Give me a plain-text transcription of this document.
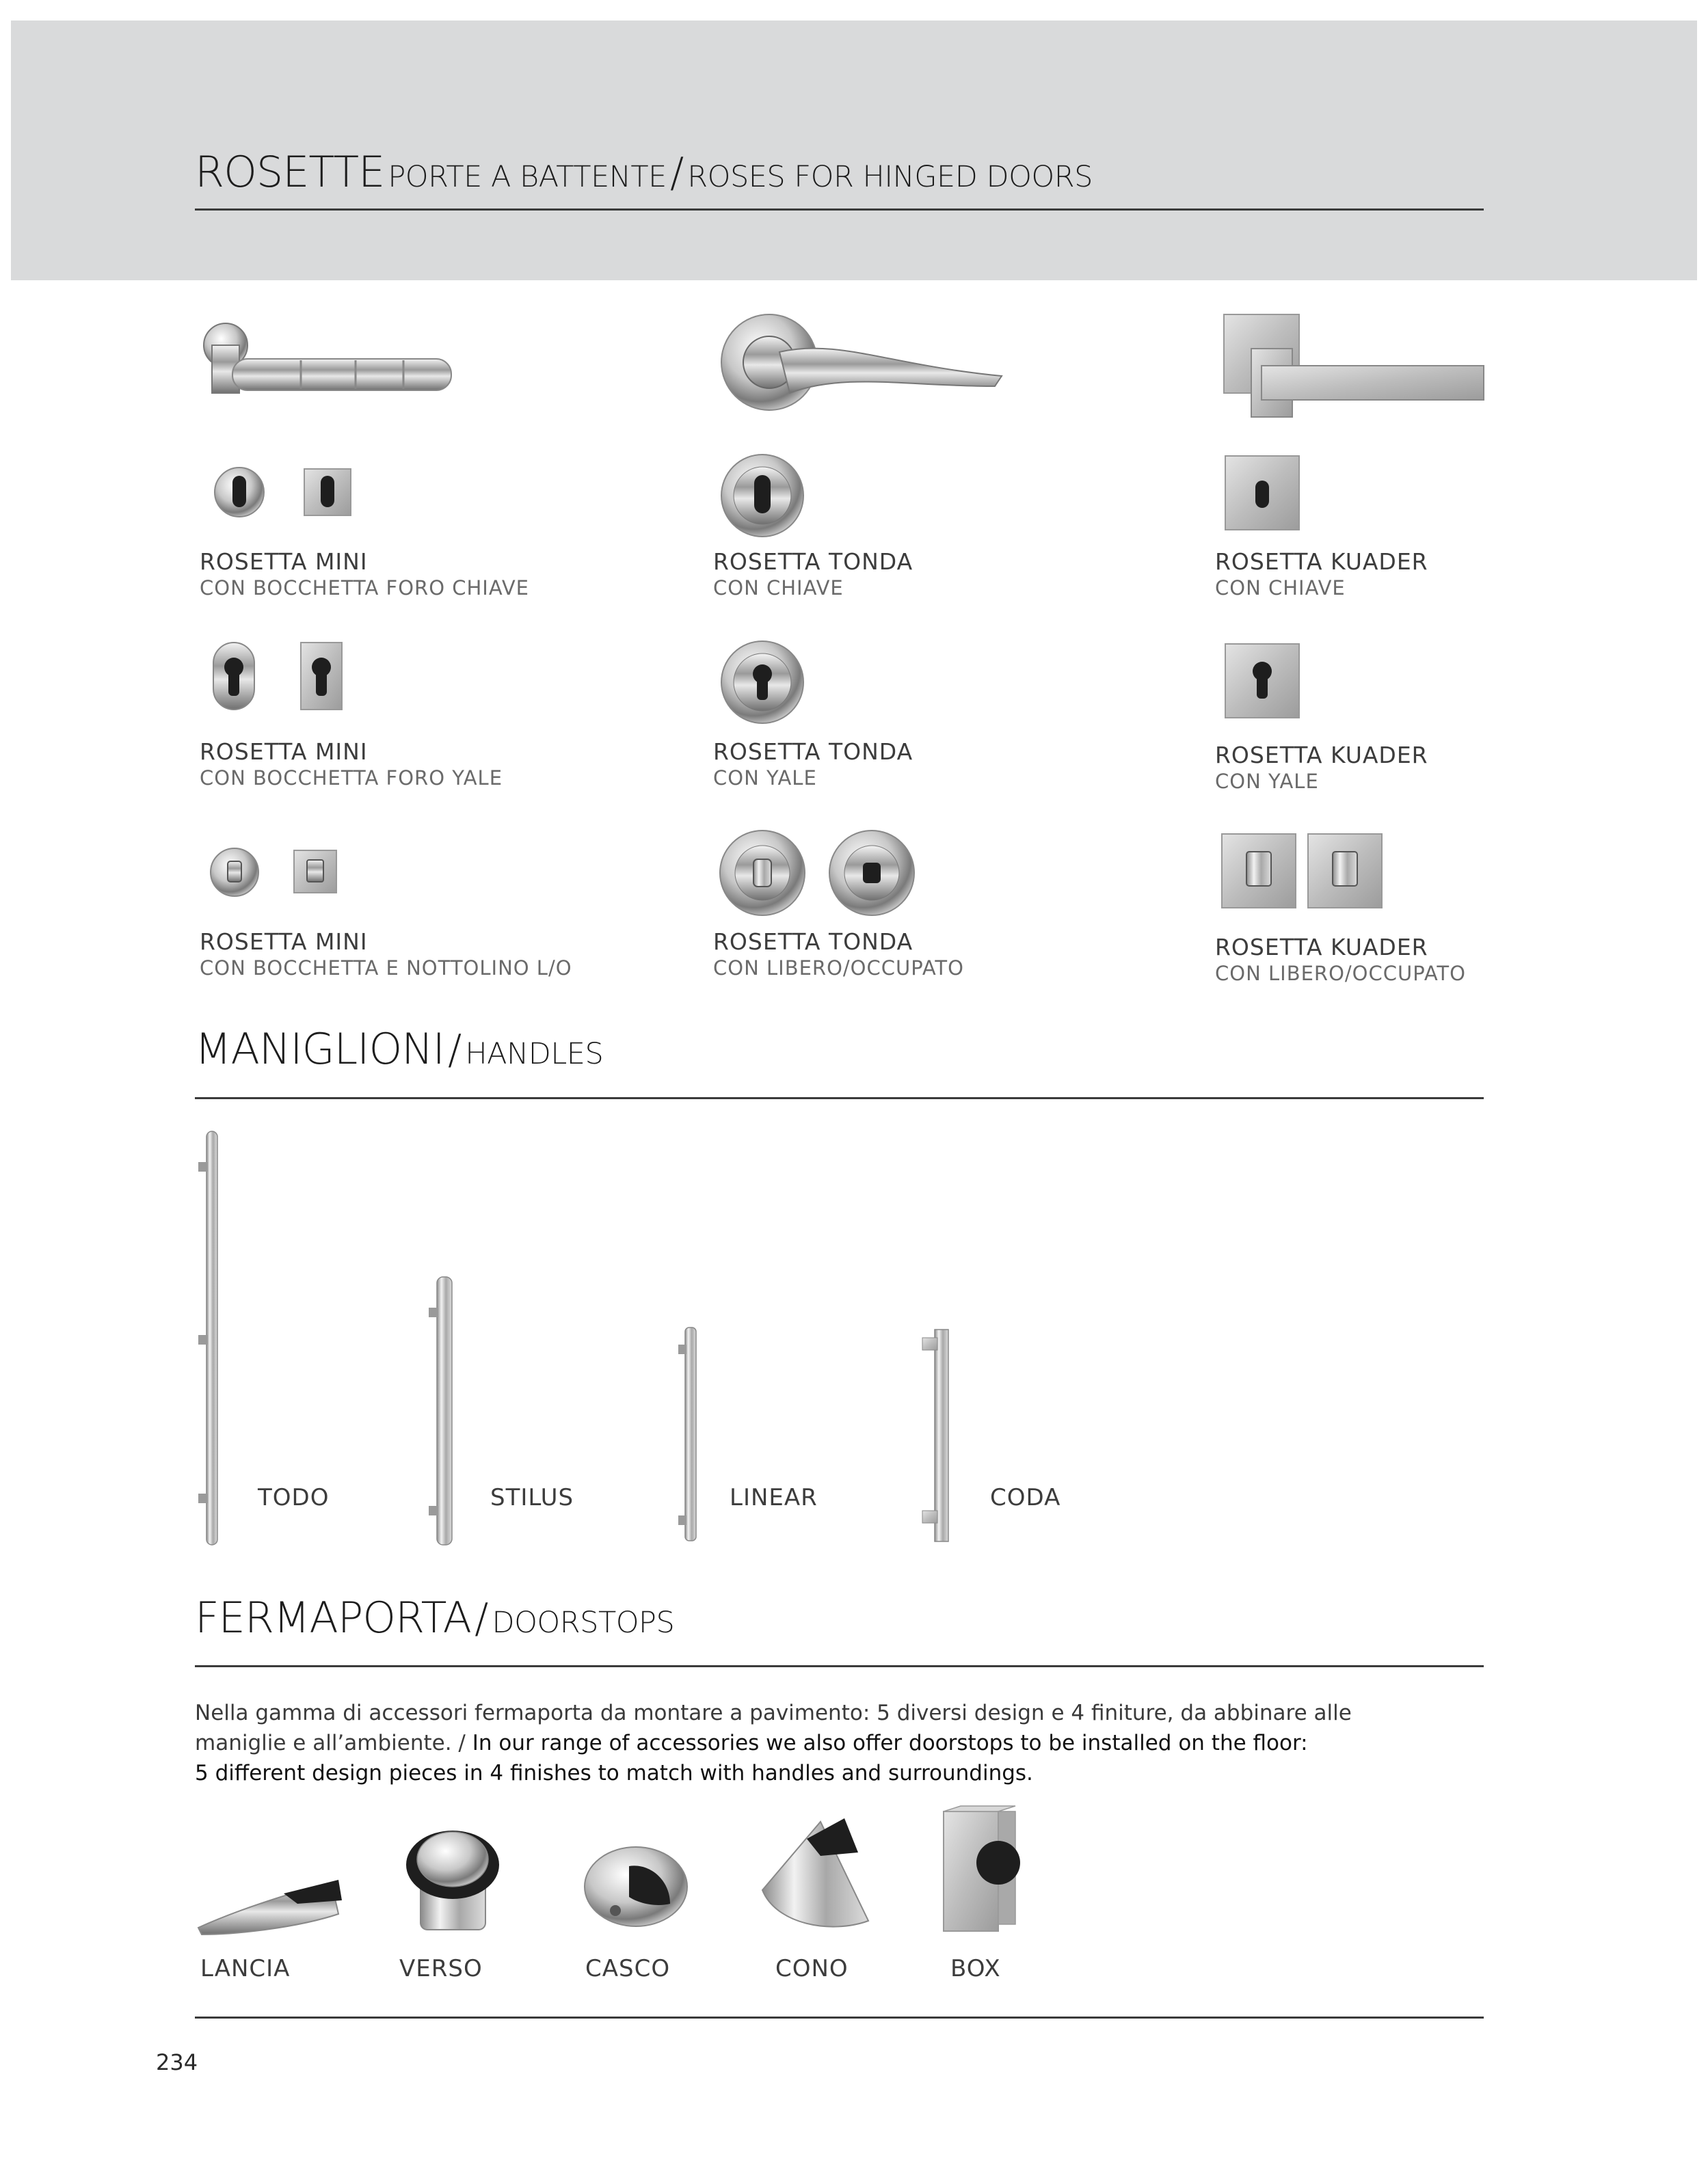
ROSETTE PORTE A BATTENTE / ROSES FOR HINGED DOORS
ROSETTA MINI
CON BOCCHETTA FORO CHIAVE
ROSETTA TONDA
CON CHIAVE
ROSETTA KUADER
CON CHIAVE
ROSETTA MINI
CON BOCCHETTA FORO YALE
ROSETTA TONDA
CON YALE
ROSETTA KUADER
CON YALE
ROSETTA MINI
CON BOCCHETTA E NOTTOLINO L/O
ROSETTA TONDA
CON LIBERO/OCCUPATO
ROSETTA KUADER
CON LIBERO/OCCUPATO
MANIGLIONI / HANDLES
TODO	STILUS	LINEAR	CODA
FERMAPORTA / DOORSTOPS
Nella gamma di accessori fermaporta da montare a pavimento: 5 diversi design e 4 finiture, da abbinare alle
maniglie e all’ambiente. / In our range of accessories we also offer doorstops to be installed on the floor:
5 different design pieces in 4 finishes to match with handles and surroundings.
LANCIA	VERSO	CASCO	CONO	BOX
234
